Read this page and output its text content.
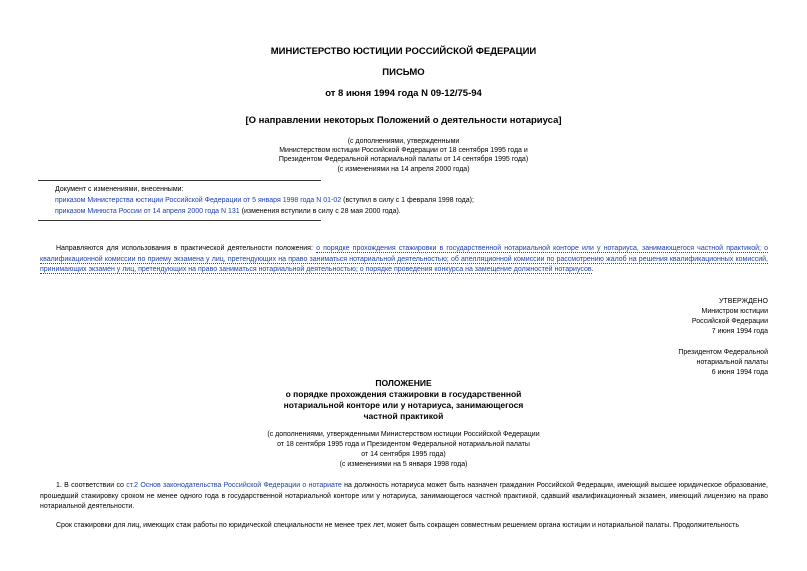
МИНИСТЕРСТВО ЮСТИЦИИ РОССИЙСКОЙ ФЕДЕРАЦИИ
ПИСЬМО
от 8 июня 1994 года N 09-12/75-94
[О направлении некоторых Положений о деятельности нотариуса]
(с дополнениями, утвержденными
Министерством юстиции Российской Федерации от 18 сентября 1995 года и
Президентом Федеральной нотариальной палаты от 14 сентября 1995 года)
(с изменениями на 14 апреля 2000 года)
Документ с изменениями, внесенными:
приказом Министерства юстиции Российской Федерации от 5 января 1998 года N 01-02 (вступил в силу с 1 февраля 1998 года);
приказом Минюста России от 14 апреля 2000 года N 131 (изменения вступили в силу с 28 мая 2000 года).
Направляются для использования в практической деятельности положения: о порядке прохождения стажировки в государственной нотариальной конторе или у нотариуса, занимающегося частной практикой; о квалификационной комиссии по приему экзамена у лиц, претендующих на право заниматься нотариальной деятельностью; об апелляционной комиссии по рассмотрению жалоб на решения квалификационных комиссий, принимающих экзамен у лиц, претендующих на право заниматься нотариальной деятельностью; о порядке проведения конкурса на замещение должностей нотариусов.
УТВЕРЖДЕНО
Министром юстиции
Российской Федерации
7 июня 1994 года
Президентом Федеральной
нотариальной палаты
6 июня 1994 года
ПОЛОЖЕНИЕ
о порядке прохождения стажировки в государственной
нотариальной конторе или у нотариуса, занимающегося
частной практикой
(с дополнениями, утвержденными Министерством юстиции Российской Федерации
от 18 сентября 1995 года и Президентом Федеральной нотариальной палаты
от 14 сентября 1995 года)
(с изменениями на 5 января 1998 года)
1. В соответствии со ст.2 Основ законодательства Российской Федерации о нотариате на должность нотариуса может быть назначен гражданин Российской Федерации, имеющий высшее юридическое образование, прошедший стажировку сроком не менее одного года в государственной нотариальной конторе или у нотариуса, занимающегося частной практикой, сдавший квалификационный экзамен, имеющий лицензию на право нотариальной деятельности.
Срок стажировки для лиц, имеющих стаж работы по юридической специальности не менее трех лет, может быть сокращен совместным решением органа юстиции и нотариальной палаты. Продолжительность
